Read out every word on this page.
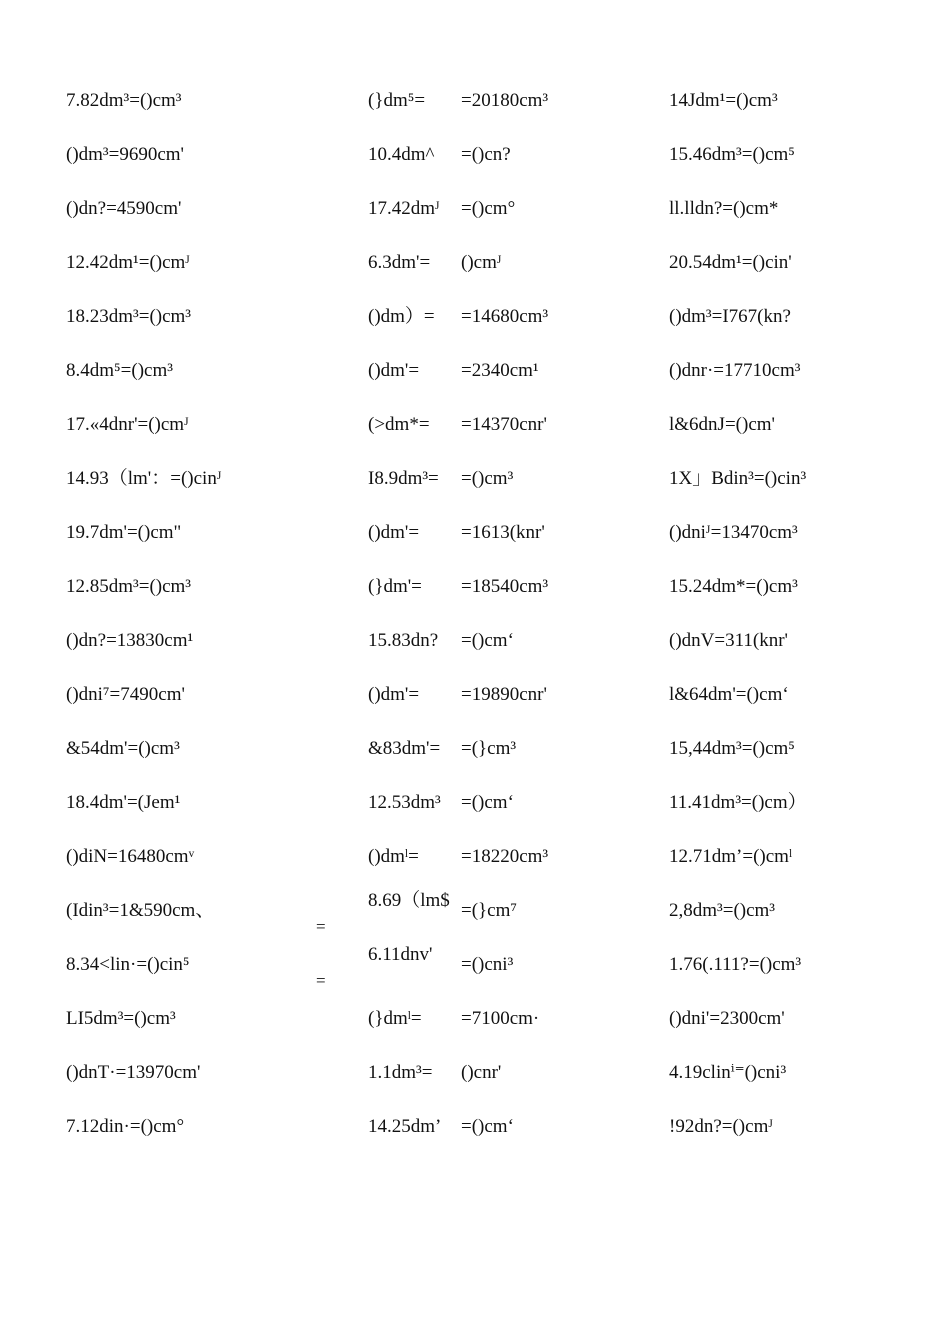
7.82dm³=()cm³	(}dm⁵= =20180cm³	14Jdm¹=()cm³
()dm³=9690cm'	10.4dm^ =()cn?	15.46dm³=()cm⁵
()dn?=4590cm'	17.42dmᴶ =()cm°	ll.lldn?=()cm*
12.42dm¹=()cmᴶ	6.3dm'= ()cmᴶ	20.54dm¹=()cin'
18.23dm³=()cm³	()dm）= =14680cm³	()dm³=I767(kn?
8.4dm⁵=()cm³	()dm'= =2340cm¹	()dnr·=17710cm³
17.«4dnr'=()cmᴶ	(>dm*= =14370cnr'	l&6dnJ=()cm'
14.93（lm'：=()cinᴶ	I8.9dm³= =()cm³	1X」Bdin³=()cin³
19.7dm'=()cm"	()dm'= =1613(knr'	()dniᴶ=13470cm³
12.85dm³=()cm³	(}dm'= =18540cm³	15.24dm*=()cm³
()dn?=13830cm¹	15.83dn? =()cm‘	()dnV=311(knr'
()dni⁷=7490cm'	()dm'= =19890cnr'	l&64dm'=()cm‘
&54dm'=()cm³	&83dm'= =(}cm³	15,44dm³=()cm⁵
18.4dm'=(Jem¹	12.53dm³ =()cm‘	11.41dm³=()cm）
()diN=16480cmᵛ	()dmˡ= =18220cm³	12.71dm’=()cmˡ
(Idin³=1&590cm、	8.69（lm$ =(}cm⁷	2,8dm³=()cm³
8.34<lin·=()cin⁵	6.11dnv' =()cni³	1.76(.111?=()cm³
LI5dm³=()cm³	(}dmˡ= =7100cm·	()dni'=2300cm'
()dnT·=13970cm'	1.1dm³= ()cnr'	4.19clinⁱ⁼()cni³
7.12din·=()cm°	14.25dm’ =()cm‘	!92dn?=()cmᴶ
=
=
